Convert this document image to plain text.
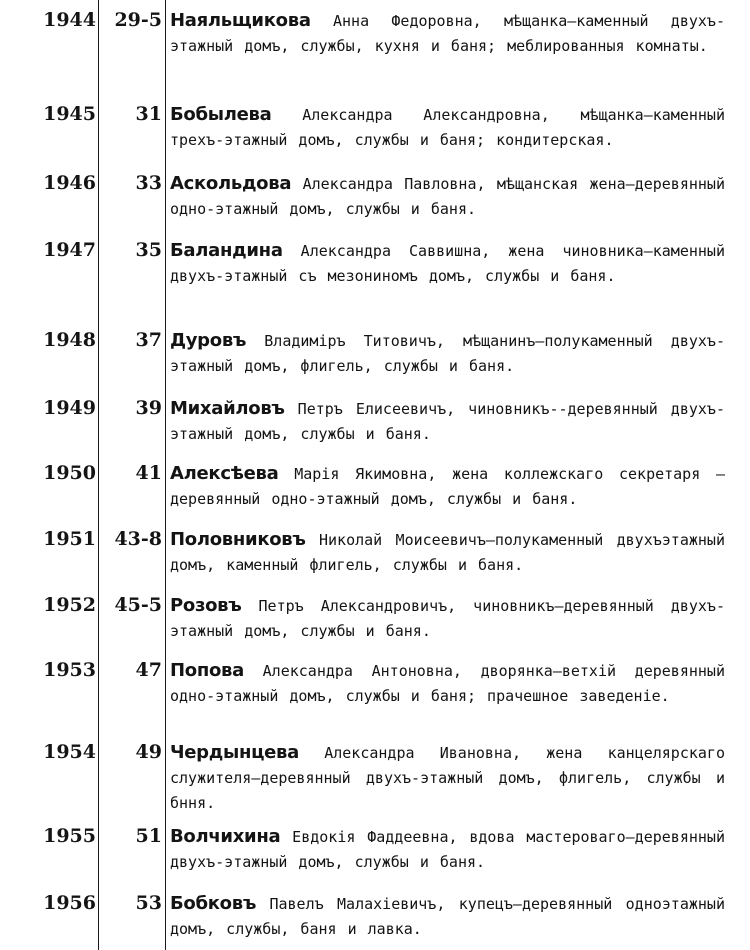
1944 29-5 Наяльщикова Анна Федоровна, мѣщанка—каменный двухъ-этажный домъ, службы, кухня и баня; меблированныя комнаты.
1945	31 Бобылева Александра Александровна, мѣщанка—каменный трехъ-этажный домъ, службы и баня; кондитерская.
1946	33 Аскольдова Александра Павловна, мѣщанская жена—деревянный одно-этажный домъ, службы и баня.
1947	35 Баландина Александра Саввишна, жена чиновника—каменный двухъ-этажный съ мезониномъ домъ, службы и баня.
1948	37 Дуровъ Владиміръ Титовичъ, мѣщанинъ—полукаменный двухъ-этажный домъ, флигель, службы и баня.
1949	39 Михайловъ Петръ Елисеевичъ, чиновникъ--деревянный двухъ-этажный домъ, службы и баня.
1950	41 Алексѣева Марія Якимовна, жена коллежскаго секретаря —деревянный одно-этажный домъ, службы и баня.
1951 43-8 Половниковъ Николай Моисеевичъ—полукаменный двухъэтажный домъ, каменный флигель, службы и баня.
1952 45-5 Розовъ Петръ Александровичъ, чиновникъ—деревянный двухъ-этажный домъ, службы и баня.
1953	47 Попова Александра Антоновна, дворянка—ветхій деревянный одно-этажный домъ, службы и баня; прачешное заведеніе.
1954	49 Чердынцева Александра Ивановна, жена канцелярскаго служителя—деревянный двухъ-этажный домъ, флигель, службы и бння.
1955	51 Волчихина Евдокія Фаддеевна, вдова мастероваго—деревянный двухъ-этажный домъ, службы и баня.
1956	53 Бобковъ Павелъ Малахіевичъ, купецъ—деревянный одноэтажный домъ, службы, баня и лавка.
